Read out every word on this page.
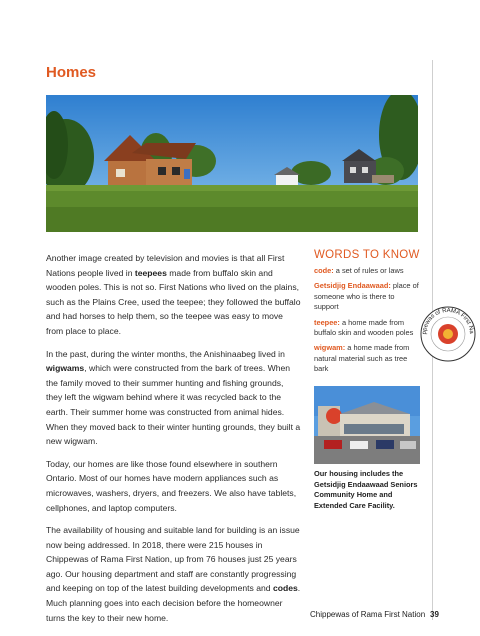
Homes

Another image created by television and movies is that all First Nations people lived in teepees made from buffalo skin and wooden poles. This is not so. First Nations who lived on the plains, such as the Plains Cree, used the teepee; they followed the buffalo and had horses to help them, so the teepee was easy to move from place to place.

In the past, during the winter months, the Anishinaabeg lived in wigwams, which were constructed from the bark of trees. When the family moved to their summer hunting and fishing grounds, they left the wigwam behind where it was recycled back to the earth. Their summer home was constructed from animal hides. When they moved back to their winter hunting grounds, they built a new wigwam.

Today, our homes are like those found elsewhere in southern Ontario. Most of our homes have modern appliances such as microwaves, washers, dryers, and freezers. We also have tablets, cellphones, and laptop computers.

The availability of housing and suitable land for building is an issue now being addressed. In 2018, there were 215 houses in Chippewas of Rama First Nation, up from 76 houses just 25 years ago. Our housing department and staff are constantly progressing and keeping on top of the latest building developments and codes. Much planning goes into each decision before the homeowner turns the key to their new home.

WORDS TO KNOW
code: a set of rules or laws
Getsidjig Endaawaad: place of someone who is there to support
teepee: a home made from buffalo skin and wooden poles
wigwam: a home made from natural material such as tree bark
ppewas of RAMA First Na
Our housing includes the Getsidjig Endaawaad Seniors Community Home and Extended Care Facility.
Chippewas of Rama First Nation 39
